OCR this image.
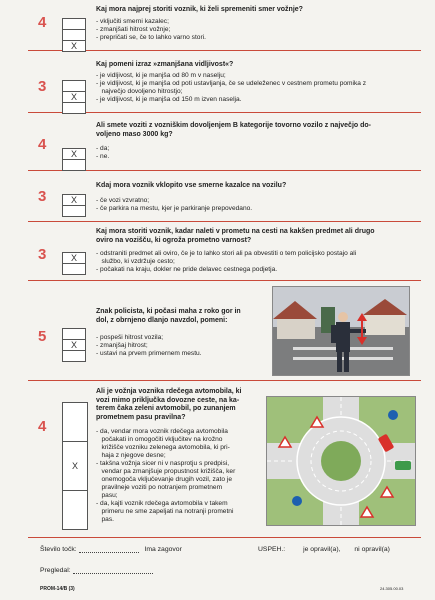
4
X
Kaj mora najprej storiti voznik, ki želi spremeniti smer vožnje?
- vključiti smerni kazalec;
- zmanjšati hitrost vožnje;
- prepričati se, če to lahko varno stori.
3
X
Kaj pomeni izraz »zmanjšana vidljivost«?
- je vidljivost, ki je manjša od 80 m v naselju;
- je vidljivost, ki je manjša od poti ustavljanja, če se udeleženec v cestnem prometu pomika z
največjo dovoljeno hitrostjo;
- je vidljivost, ki je manjša od 150 m izven naselja.
4
X
Ali smete voziti z vozniškim dovoljenjem B kategorije tovorno vozilo z največjo do-
voljeno maso 3000 kg?
- da;
- ne.
3	X
Kdaj mora voznik vklopito vse smerne kazalce na vozilu?
- če vozi vzvratno;
- če parkira na mestu, kjer je parkiranje prepovedano.
3	X
Kaj mora storiti voznik, kadar naleti v prometu na cesti na kakšen predmet ali drugo
oviro na vozišču, ki ogroža prometno varnost?
- odstraniti predmet ali oviro, če je to lahko stori ali pa obvestiti o tem policijsko postajo ali
službo, ki vzdržuje cesto;
- počakati na kraju, dokler ne pride delavec cestnega podjetja.
5	X
Znak policista, ki počasi maha z roko gor in
dol, z obrnjeno dlanjo navzdol, pomeni:
- pospeši hitrost vozila;
- zmanjšaj hitrost;
- ustavi na prvem primernem mestu.
4
X
Ali je vožnja voznika rdečega avtomobila, ki
vozi mimo priključka dovozne ceste, na ka-
terem čaka zeleni avtomobil, po zunanjem
prometnem pasu pravilna?
- da, vendar mora voznik rdečega avtomobila
počakati in omogočiti vključitev na krožno
križišče vozniku zelenega avtomobila, ki pri-
haja z njegove desne;
- takšna vožnja sicer ni v nasprotju s predpisi,
vendar pa zmanjšuje propustnost križišča, ker
onemogoča vključevanje drugih vozil, zato je
pravilneje voziti po notranjem prometnem
pasu;
- da, kajti voznik rdečega avtomobila v takem
primeru ne sme zapeljati na notranji prometni
pas.
Število točk:	Ima zagovor	USPEH.:	je opravil(a), ni opravil(a)
Pregledal:
PROM-14/B (3)	24.305.00.03
